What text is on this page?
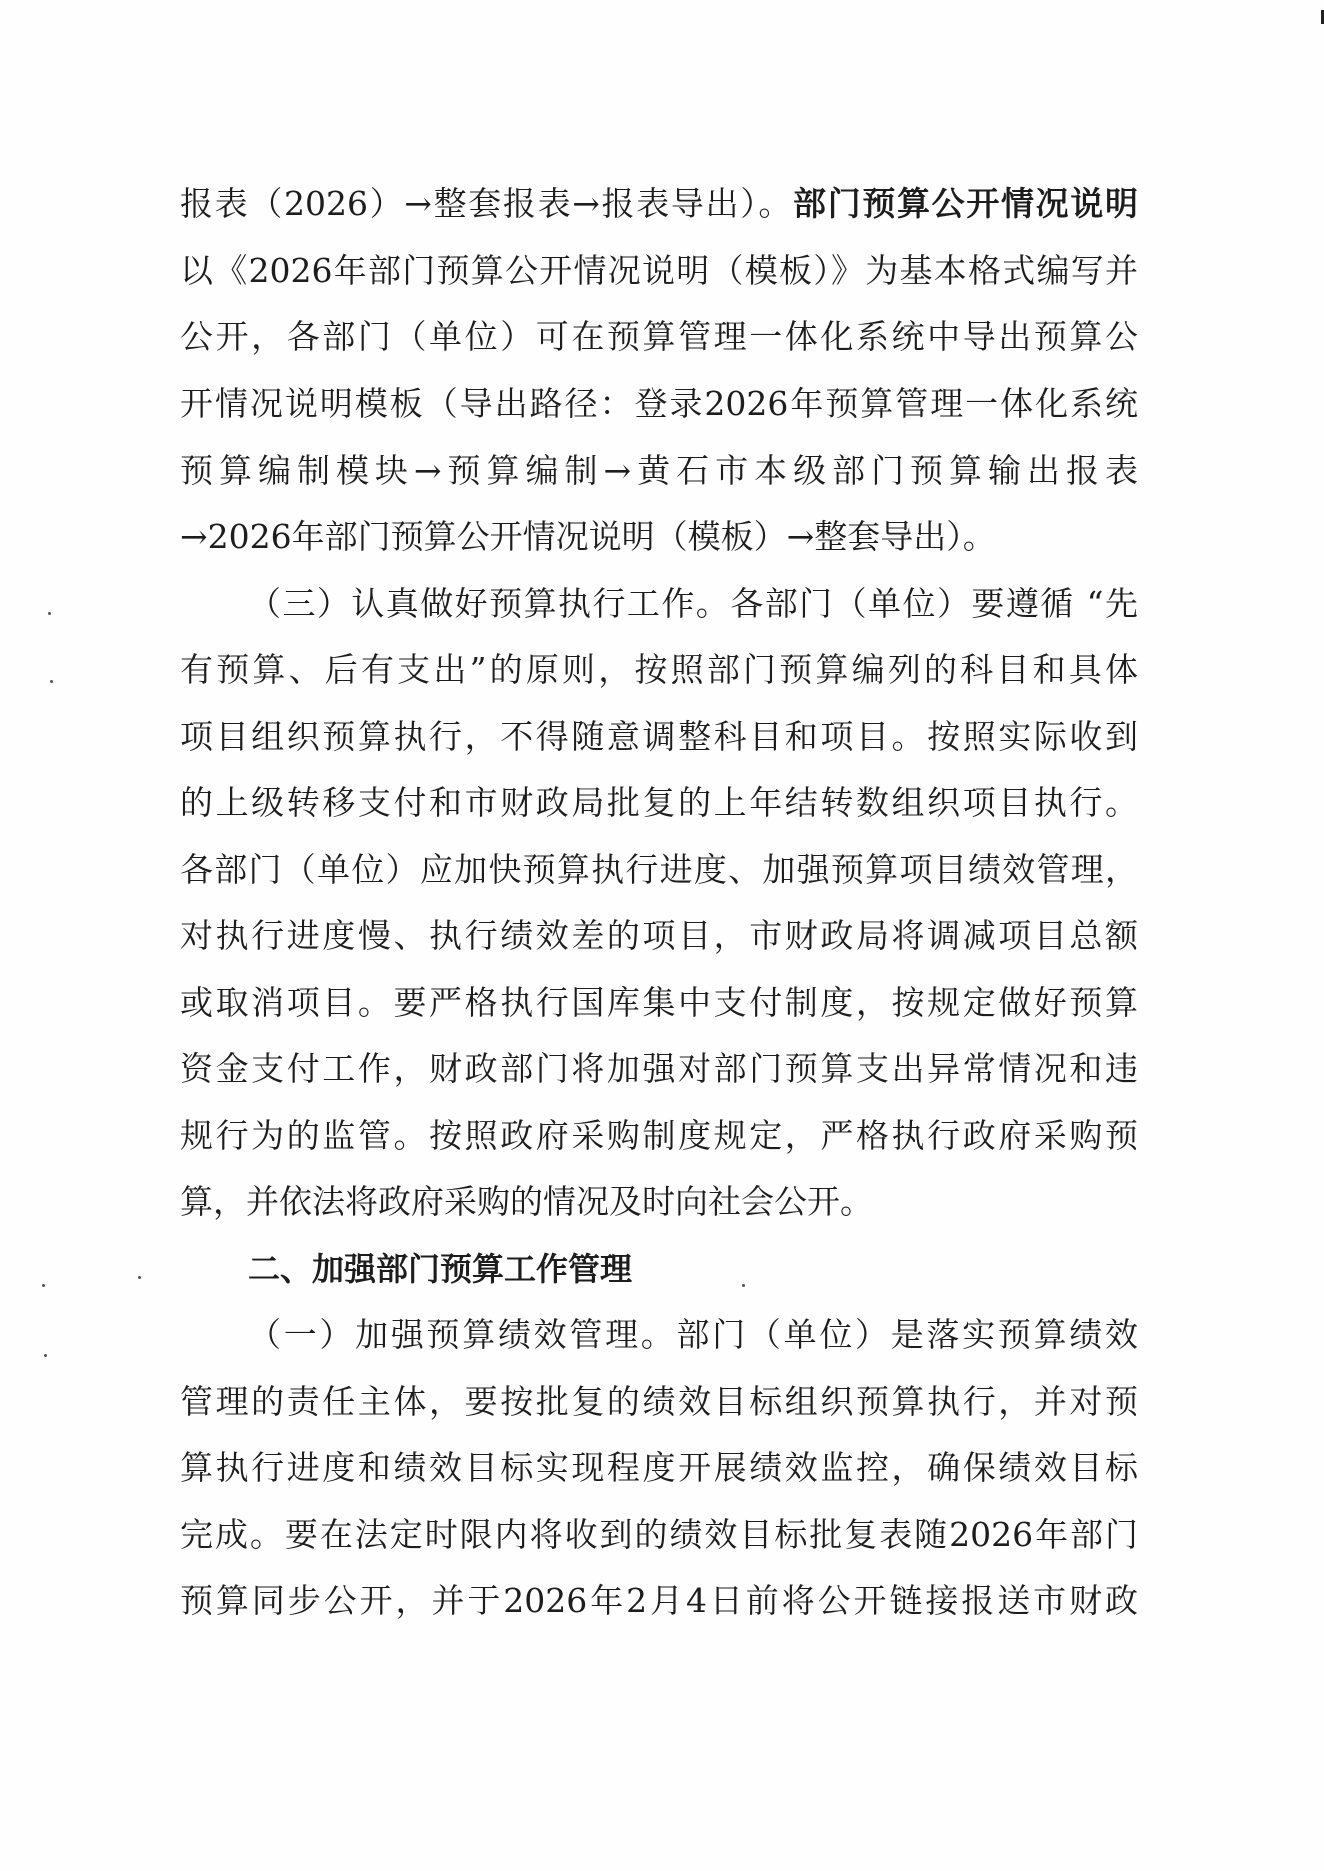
报表（2026）→整套报表→报表导出）。部门预算公开情况说明
以《2026年部门预算公开情况说明（模板）》为基本格式编写并
公开，各部门（单位）可在预算管理一体化系统中导出预算公
开情况说明模板（导出路径：登录2026年预算管理一体化系统
预算编制模块→预算编制→黄石市本级部门预算输出报表
→2026年部门预算公开情况说明（模板）→整套导出）。
（三）认真做好预算执行工作。各部门（单位）要遵循 “先
有预算、后有支出”的原则，按照部门预算编列的科目和具体
项目组织预算执行，不得随意调整科目和项目。按照实际收到
的上级转移支付和市财政局批复的上年结转数组织项目执行。
各部门（单位）应加快预算执行进度、加强预算项目绩效管理，
对执行进度慢、执行绩效差的项目，市财政局将调减项目总额
或取消项目。要严格执行国库集中支付制度，按规定做好预算
资金支付工作，财政部门将加强对部门预算支出异常情况和违
规行为的监管。按照政府采购制度规定，严格执行政府采购预
算，并依法将政府采购的情况及时向社会公开。
二、加强部门预算工作管理
（一）加强预算绩效管理。部门（单位）是落实预算绩效
管理的责任主体，要按批复的绩效目标组织预算执行，并对预
算执行进度和绩效目标实现程度开展绩效监控，确保绩效目标
完成。要在法定时限内将收到的绩效目标批复表随2026年部门
预算同步公开，并于2026年2月4日前将公开链接报送市财政
